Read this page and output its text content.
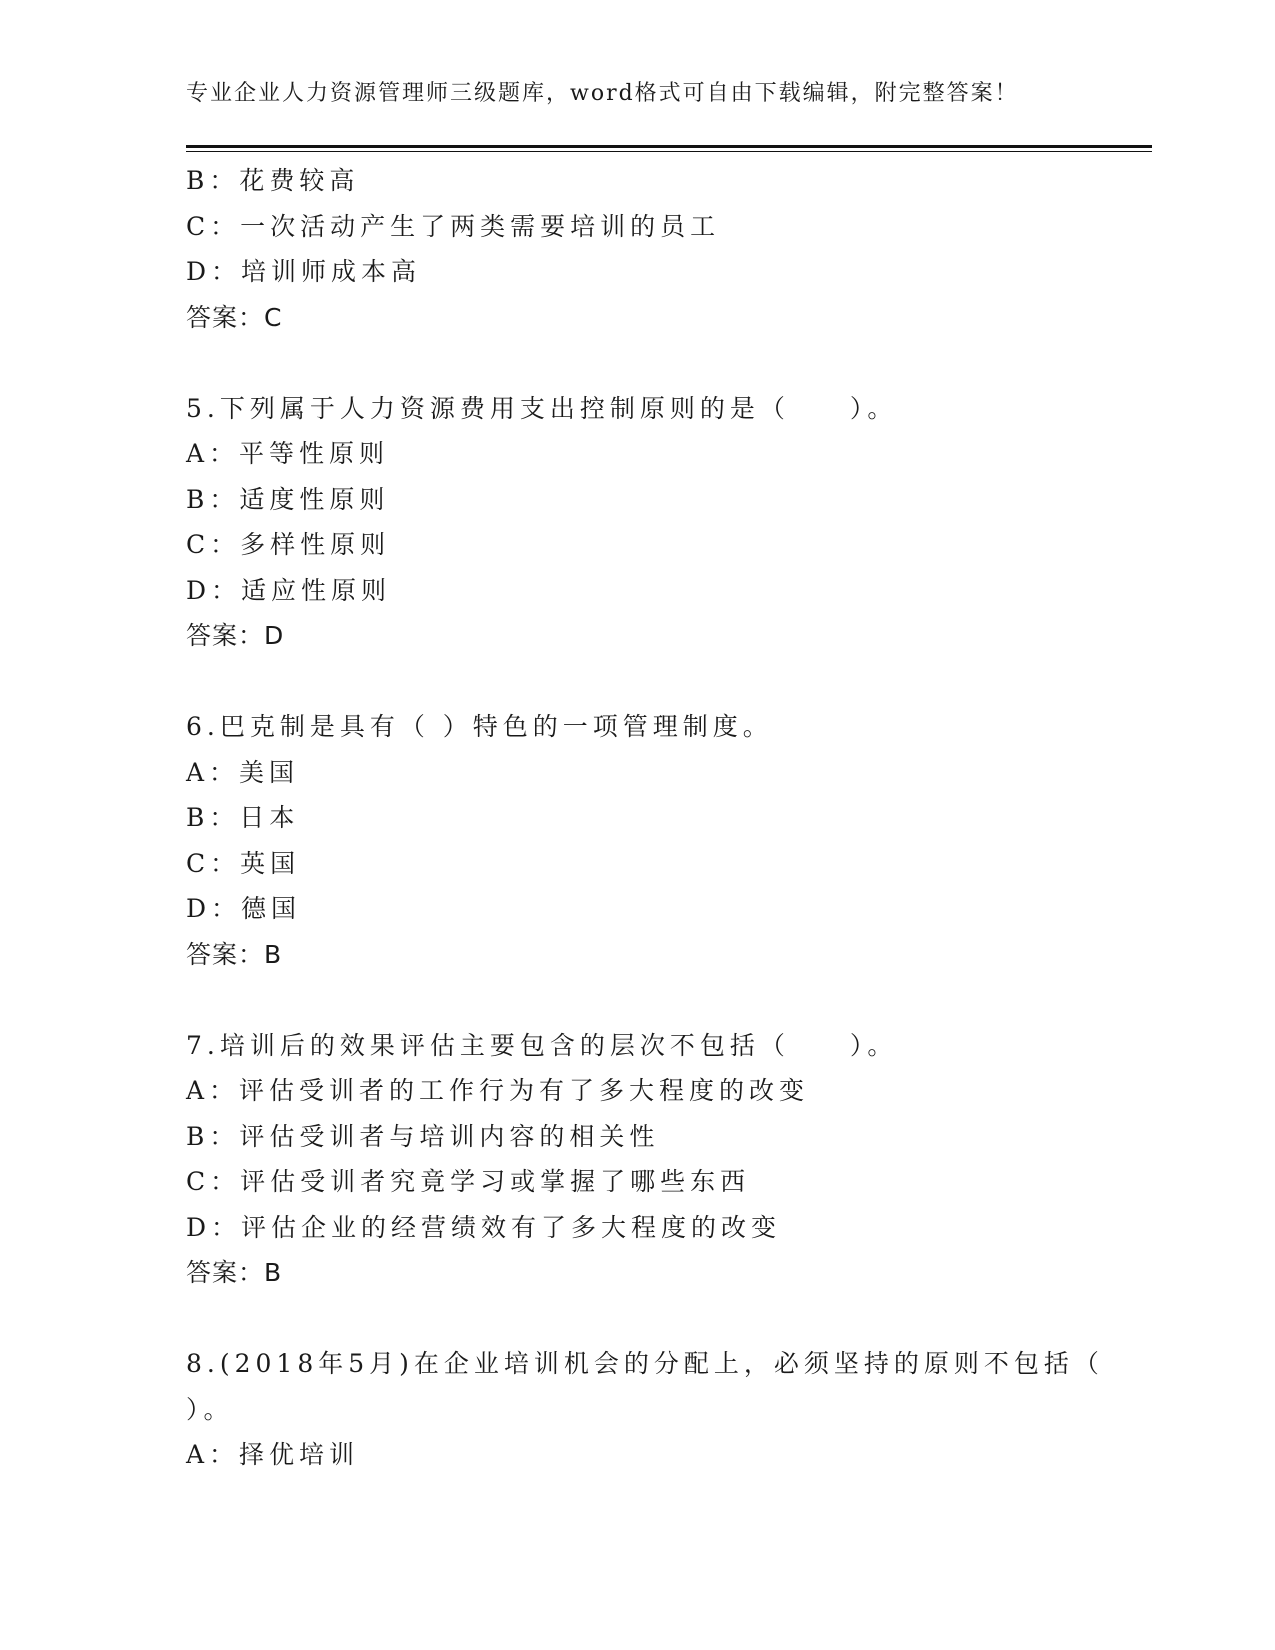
专业企业人力资源管理师三级题库，word格式可自由下载编辑，附完整答案！
B：花费较高
C：一次活动产生了两类需要培训的员工
D：培训师成本高
答案：C
5.下列属于人力资源费用支出控制原则的是（　　）。
A：平等性原则
B：适度性原则
C：多样性原则
D：适应性原则
答案：D
6.巴克制是具有（ ）特色的一项管理制度。
A：美国
B：日本
C：英国
D：德国
答案：B
7.培训后的效果评估主要包含的层次不包括（　　）。
A：评估受训者的工作行为有了多大程度的改变
B：评估受训者与培训内容的相关性
C：评估受训者究竟学习或掌握了哪些东西
D：评估企业的经营绩效有了多大程度的改变
答案：B
8.(2018年5月)在企业培训机会的分配上，必须坚持的原则不包括（
）。
A：择优培训
